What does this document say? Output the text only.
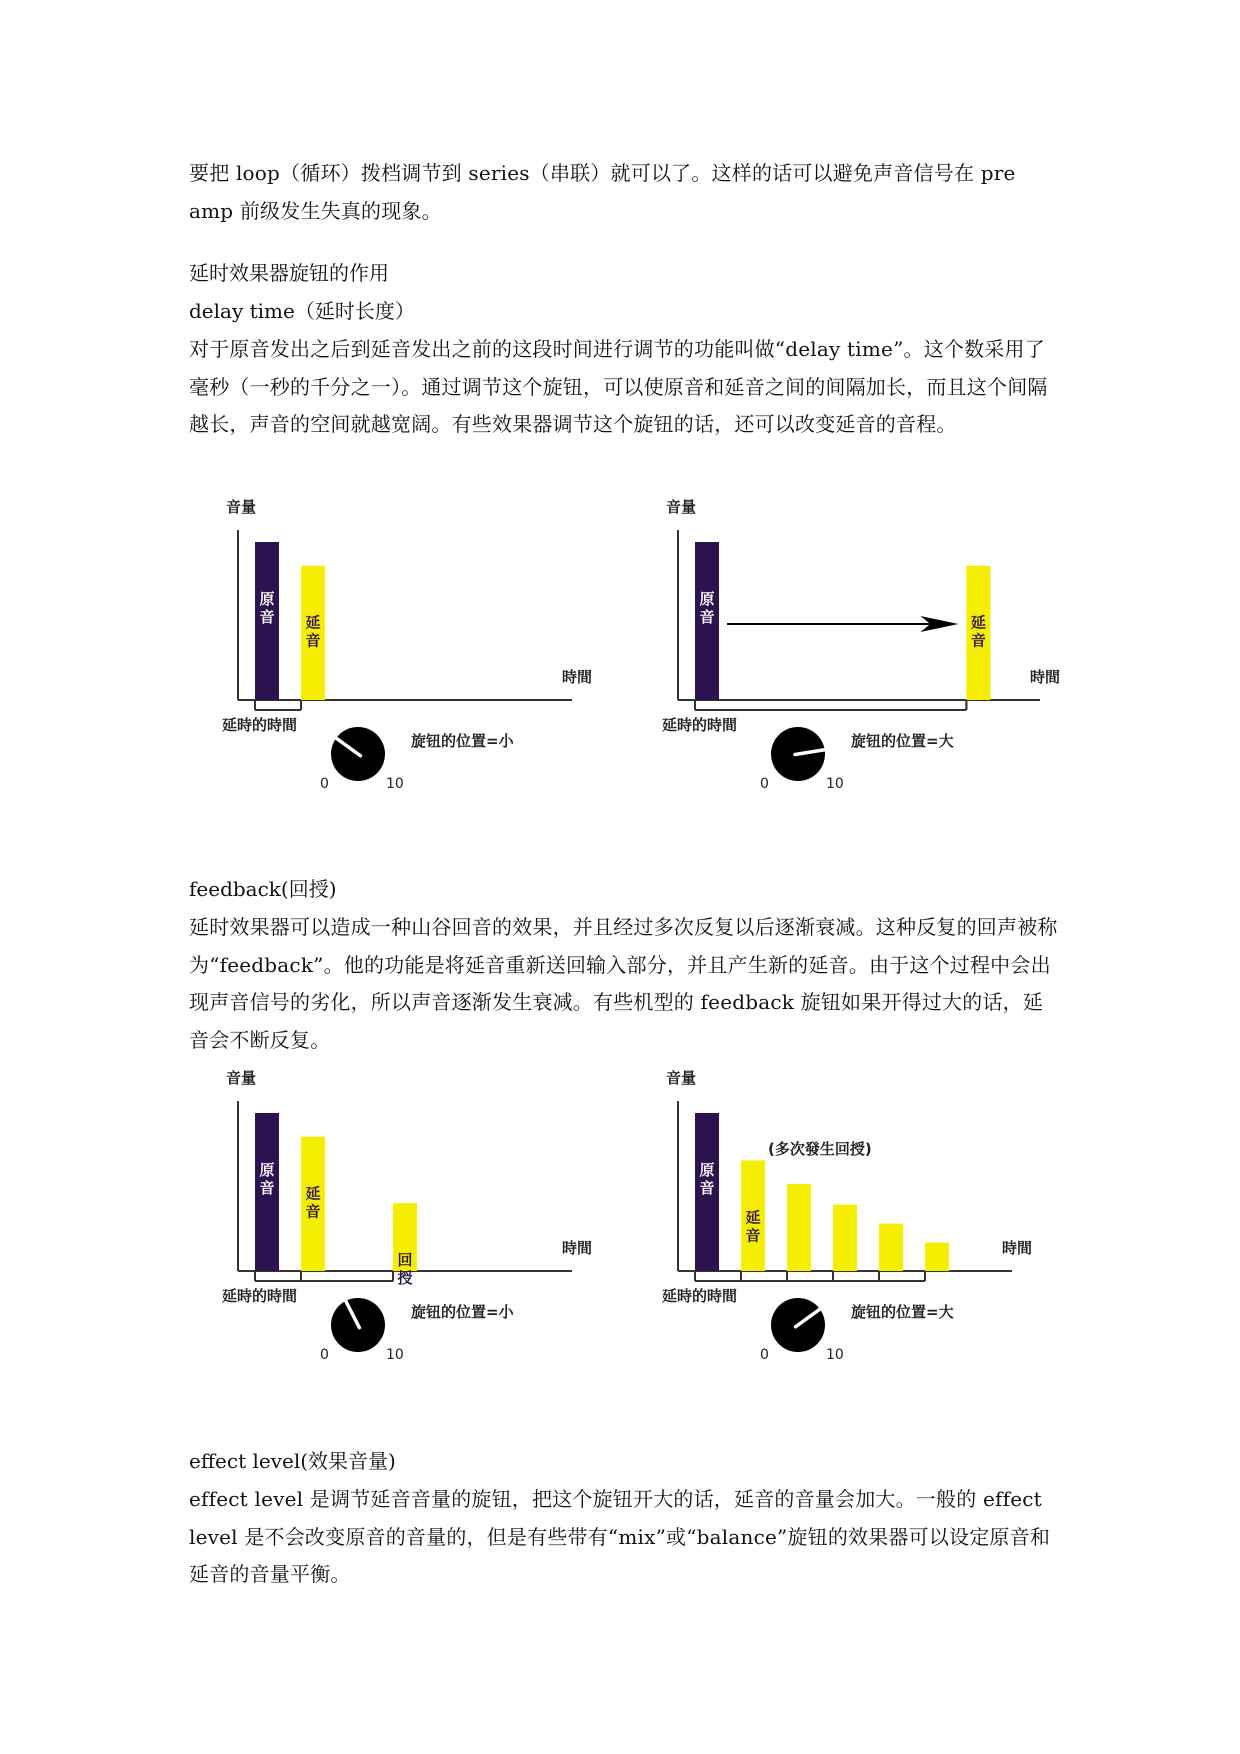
要把 loop（循环）拨档调节到 series（串联）就可以了。这样的话可以避免声音信号在 pre amp 前级发生失真的现象。

延时效果器旋钮的作用

delay time（延时长度）

对于原音发出之后到延音发出之前的这段时间进行调节的功能叫做“delay time”。这个数采用了毫秒（一秒的千分之一）。通过调节这个旋钮，可以使原音和延音之间的间隔加长，而且这个间隔越长，声音的空间就越宽阔。有些效果器调节这个旋钮的话，还可以改变延音的音程。

音量
時間
原
音 延
音
延時的時間
0	10
旋钮的位置=小
音量
時間
原
音	延
音
延時的時間
0	10
旋钮的位置=大

feedback(回授)

延时效果器可以造成一种山谷回音的效果，并且经过多次反复以后逐渐衰减。这种反复的回声被称为“feedback”。他的功能是将延音重新送回输入部分，并且产生新的延音。由于这个过程中会出现声音信号的劣化，所以声音逐渐发生衰减。有些机型的 feedback 旋钮如果开得过大的话，延音会不断反复。

音量
時間
原
音 延
音
回
授
延時的時間
0	10
旋钮的位置=小
音量
時間
原
音
延
音
延時的時間
(多次發生回授)
0	10
旋钮的位置=大

effect level(效果音量)

effect level 是调节延音音量的旋钮，把这个旋钮开大的话，延音的音量会加大。一般的 effect level 是不会改变原音的音量的，但是有些带有“mix”或“balance”旋钮的效果器可以设定原音和延音的音量平衡。
